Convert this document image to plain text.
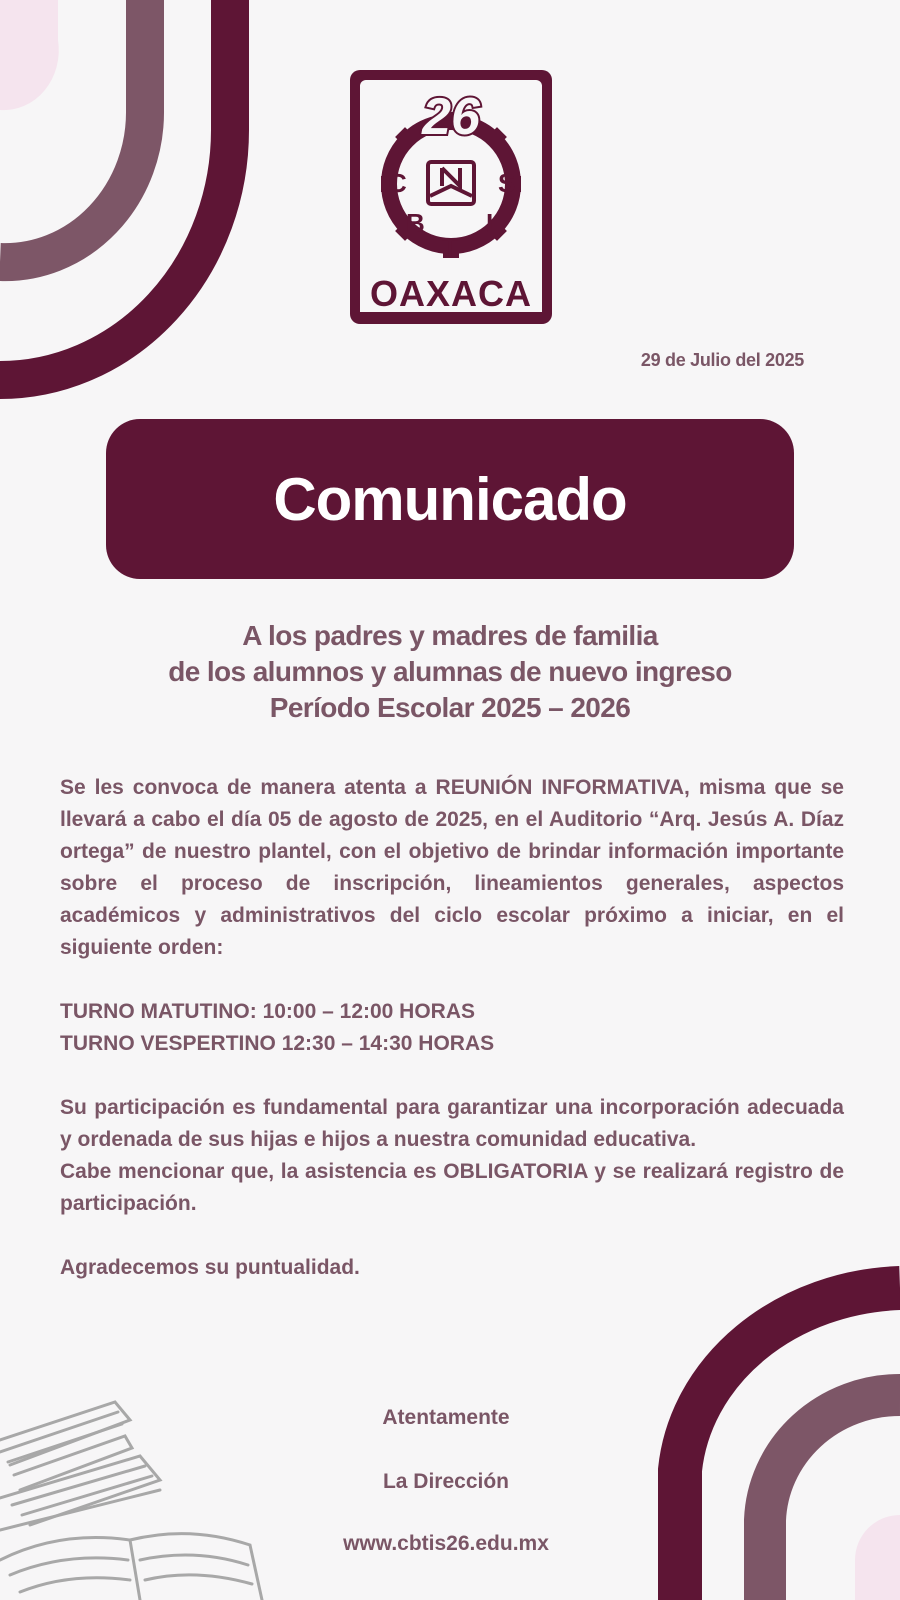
26
C
B
T
I
S
OAXACA
29 de Julio del 2025
Comunicado
A los padres y madres de familia
de los alumnos y alumnas de nuevo ingreso
Período Escolar 2025 – 2026

Se les convoca de manera atenta a REUNIÓN INFORMATIVA, misma que se llevará a cabo el día 05 de agosto de 2025, en el Auditorio “Arq. Jesús A. Díaz ortega” de nuestro plantel, con el objetivo de brindar información importante sobre el proceso de inscripción, lineamientos generales, aspectos académicos y administrativos del ciclo escolar próximo a iniciar, en el siguiente orden:

TURNO MATUTINO: 10:00 – 12:00 HORAS

TURNO VESPERTINO 12:30 – 14:30 HORAS

Su participación es fundamental para garantizar una incorporación adecuada y ordenada de sus hijas e hijos a nuestra comunidad educativa.

Cabe mencionar que, la asistencia es OBLIGATORIA y se realizará registro de participación.

Agradecemos su puntualidad.

Atentamente
La Dirección
www.cbtis26.edu.mx
